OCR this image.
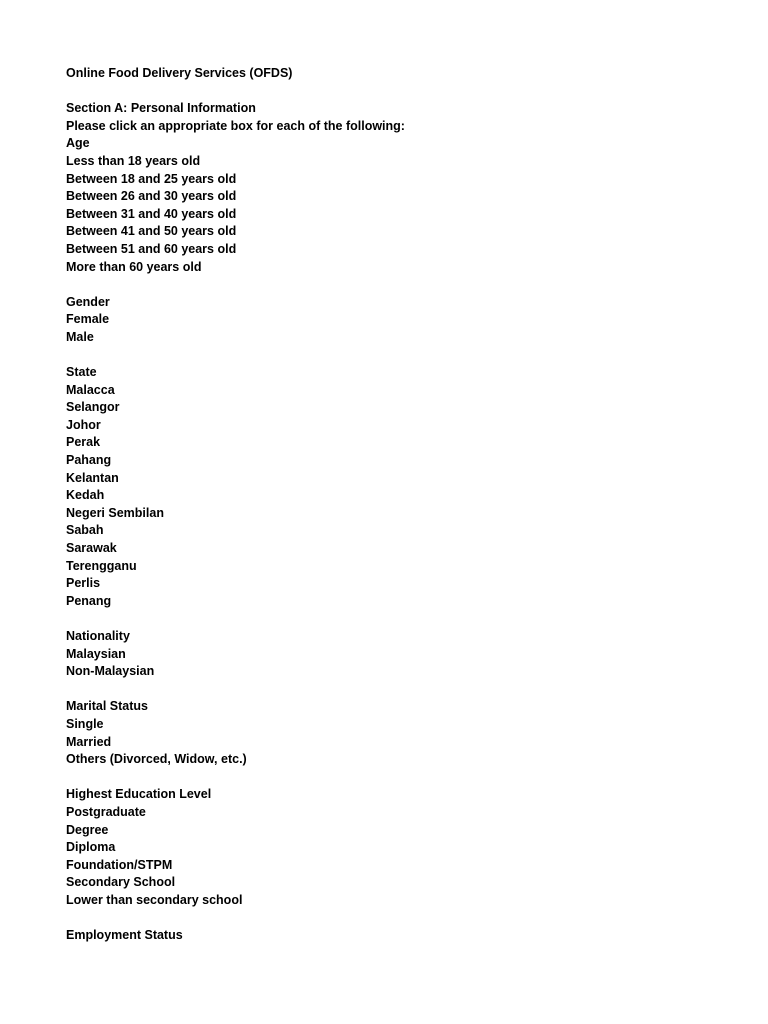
Online Food Delivery Services (OFDS)
Section A: Personal Information
Please click an appropriate box for each of the following:
Age
Less than 18 years old
Between 18 and 25 years old
Between 26 and 30 years old
Between 31 and 40 years old
Between 41 and 50 years old
Between 51 and 60 years old
More than 60 years old
Gender
Female
Male
State
Malacca
Selangor
Johor
Perak
Pahang
Kelantan
Kedah
Negeri Sembilan
Sabah
Sarawak
Terengganu
Perlis
Penang
Nationality
Malaysian
Non-Malaysian
Marital Status
Single
Married
Others (Divorced, Widow, etc.)
Highest Education Level
Postgraduate
Degree
Diploma
Foundation/STPM
Secondary School
Lower than secondary school
Employment Status
